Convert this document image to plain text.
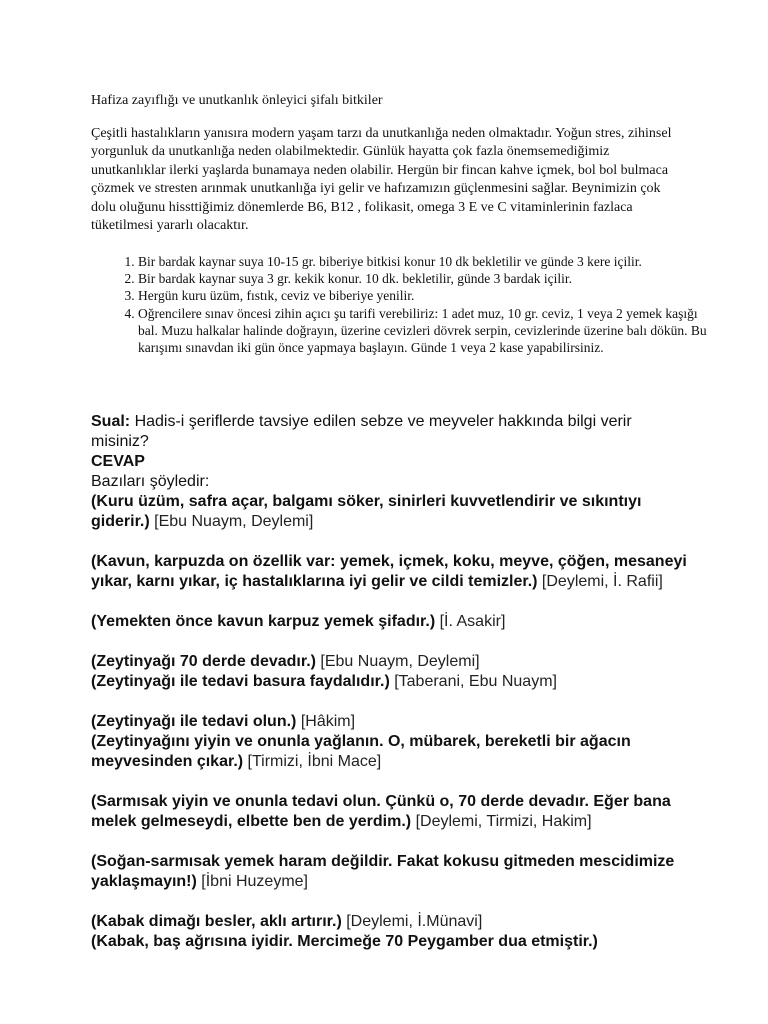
Hafiza zayıflığı ve unutkanlık önleyici şifalı bitkiler

Çeşitli hastalıkların yanısıra modern yaşam tarzı da unutkanlığa neden olmaktadır. Yoğun stres, zihinsel yorgunluk da unutkanlığa neden olabilmektedir. Günlük hayatta çok fazla önemsemediğimiz unutkanlıklar ilerki yaşlarda bunamaya neden olabilir. Hergün bir fincan kahve içmek, bol bol bulmaca çözmek ve stresten arınmak unutkanlığa iyi gelir ve hafızamızın güçlenmesini sağlar. Beynimizin çok dolu oluğunu hissttiğimiz dönemlerde B6, B12 , folikasit, omega 3 E ve C vitaminlerinin fazlaca tüketilmesi yararlı olacaktır.

1. Bir bardak kaynar suya 10-15 gr. biberiye bitkisi konur 10 dk bekletilir ve günde 3 kere içilir.
2. Bir bardak kaynar suya 3 gr. kekik konur. 10 dk. bekletilir, günde 3 bardak içilir.
3. Hergün kuru üzüm, fıstık, ceviz ve biberiye yenilir.
4. Oğrencilere sınav öncesi zihin açıcı şu tarifi verebiliriz: 1 adet muz, 10 gr. ceviz, 1 veya 2 yemek kaşığı bal. Muzu halkalar halinde doğrayın, üzerine cevizleri dövrek serpin, cevizlerinde üzerine balı dökün. Bu karışımı sınavdan iki gün önce yapmaya başlayın. Günde 1 veya 2 kase yapabilirsiniz.

Sual: Hadis-i şeriflerde tavsiye edilen sebze ve meyveler hakkında bilgi verir misiniz?

CEVAP

Bazıları şöyledir:

(Kuru üzüm, safra açar, balgamı söker, sinirleri kuvvetlendirir ve sıkıntıyı giderir.) [Ebu Nuaym, Deylemi]

(Kavun, karpuzda on özellik var: yemek, içmek, koku, meyve, çöğen, mesaneyi yıkar, karnı yıkar, iç hastalıklarına iyi gelir ve cildi temizler.) [Deylemi, İ. Rafii]

(Yemekten önce kavun karpuz yemek şifadır.) [İ. Asakir]

(Zeytinyağı 70 derde devadır.) [Ebu Nuaym, Deylemi]

(Zeytinyağı ile tedavi basura faydalıdır.) [Taberani, Ebu Nuaym]

(Zeytinyağı ile tedavi olun.) [Hâkim]

(Zeytinyağını yiyin ve onunla yağlanın. O, mübarek, bereketli bir ağacın meyvesinden çıkar.) [Tirmizi, İbni Mace]

(Sarmısak yiyin ve onunla tedavi olun. Çünkü o, 70 derde devadır. Eğer bana melek gelmeseydi, elbette ben de yerdim.) [Deylemi, Tirmizi, Hakim]

(Soğan-sarmısak yemek haram değildir. Fakat kokusu gitmeden mescidimize yaklaşmayın!) [İbni Huzeyme]

(Kabak dimağı besler, aklı artırır.) [Deylemi, İ.Münavi]

(Kabak, baş ağrısına iyidir. Mercimeğe 70 Peygamber dua etmiştir.)
